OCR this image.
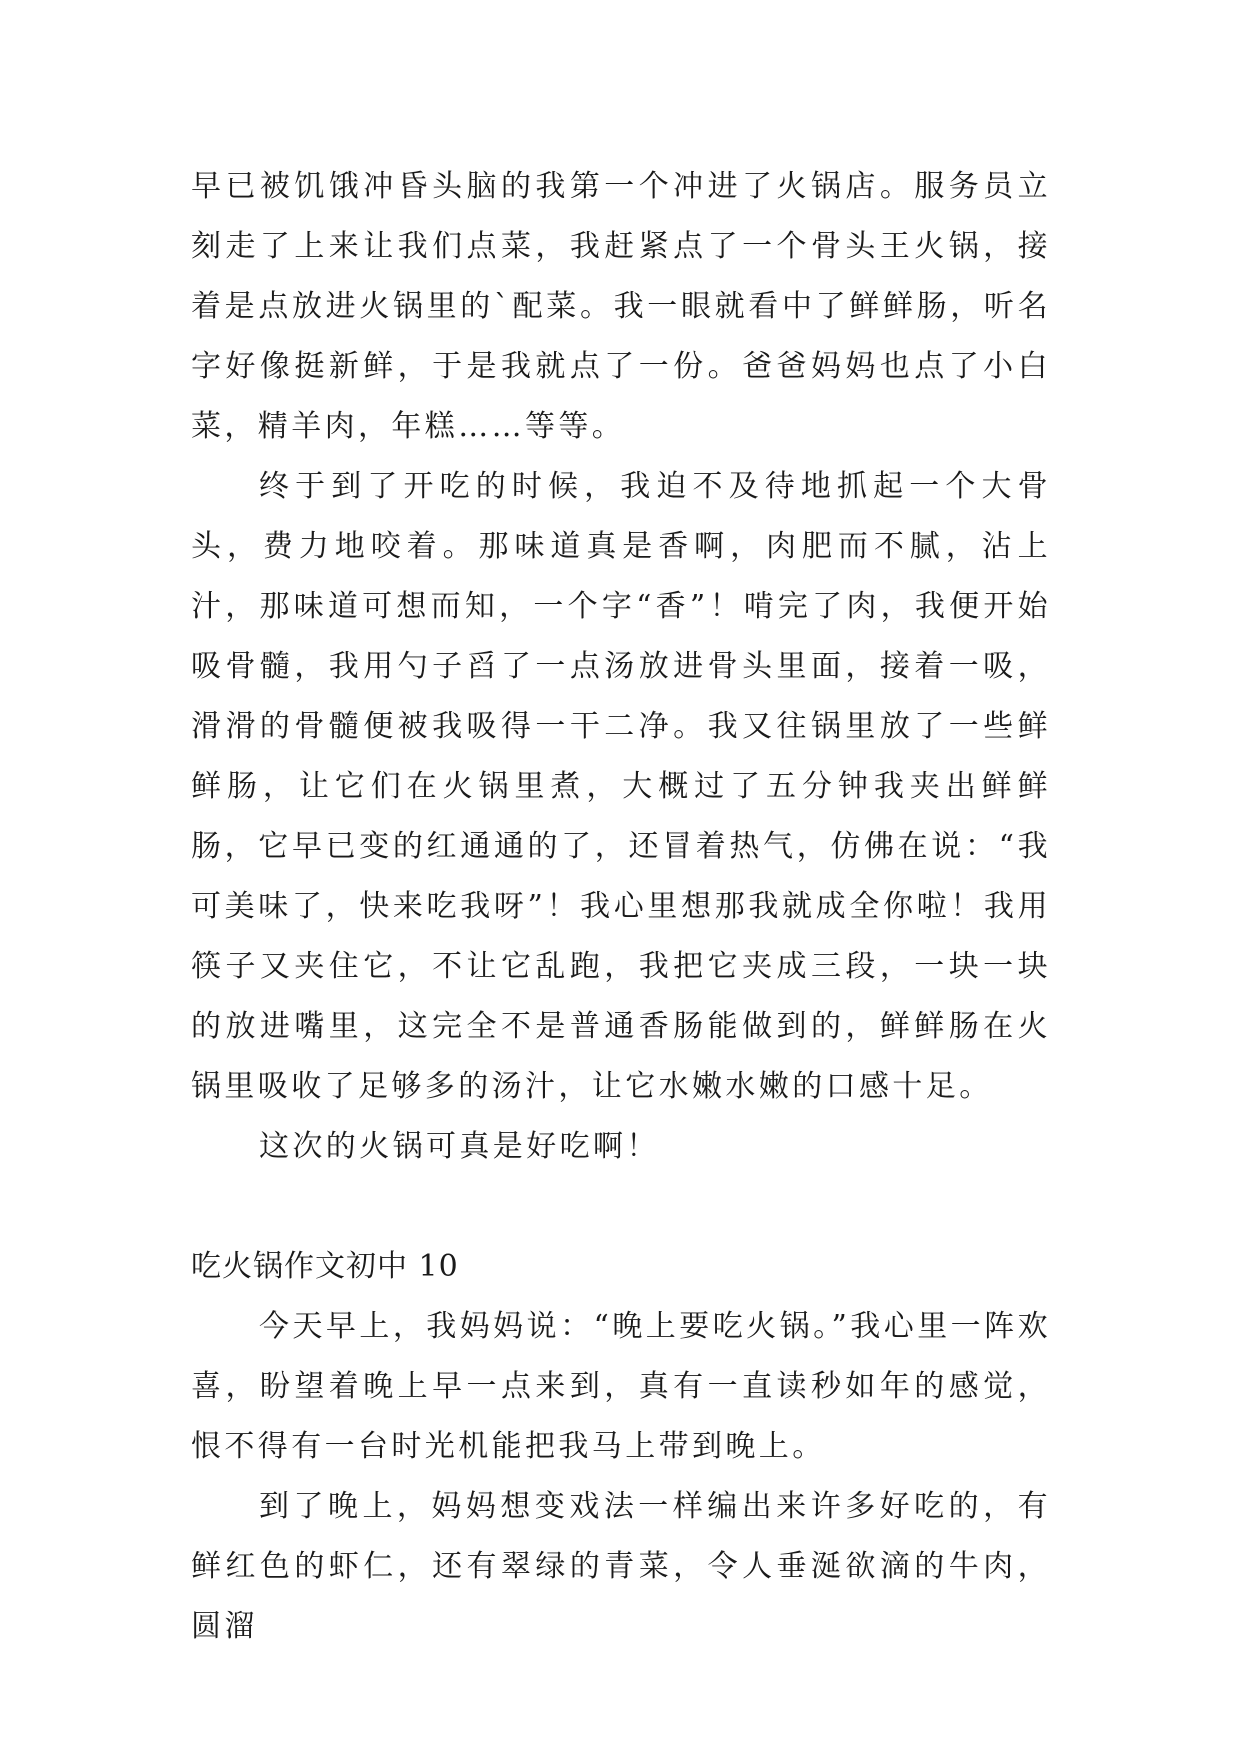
早已被饥饿冲昏头脑的我第一个冲进了火锅店。服务员立刻走了上来让我们点菜，我赶紧点了一个骨头王火锅，接着是点放进火锅里的`配菜。我一眼就看中了鲜鲜肠，听名字好像挺新鲜，于是我就点了一份。爸爸妈妈也点了小白菜，精羊肉，年糕……等等。

终于到了开吃的时候，我迫不及待地抓起一个大骨头，费力地咬着。那味道真是香啊，肉肥而不腻，沾上汁，那味道可想而知，一个字“香”！啃完了肉，我便开始吸骨髓，我用勺子舀了一点汤放进骨头里面，接着一吸，滑滑的骨髓便被我吸得一干二净。我又往锅里放了一些鲜鲜肠，让它们在火锅里煮，大概过了五分钟我夹出鲜鲜肠，它早已变的红通通的了，还冒着热气，仿佛在说：“我可美味了，快来吃我呀”！我心里想那我就成全你啦！我用筷子又夹住它，不让它乱跑，我把它夹成三段，一块一块的放进嘴里，这完全不是普通香肠能做到的，鲜鲜肠在火锅里吸收了足够多的汤汁，让它水嫩水嫩的口感十足。

这次的火锅可真是好吃啊！

吃火锅作文初中 10

今天早上，我妈妈说：“晚上要吃火锅。”我心里一阵欢喜，盼望着晚上早一点来到，真有一直读秒如年的感觉，恨不得有一台时光机能把我马上带到晚上。

到了晚上，妈妈想变戏法一样编出来许多好吃的，有鲜红色的虾仁，还有翠绿的青菜，令人垂涎欲滴的牛肉，圆溜
